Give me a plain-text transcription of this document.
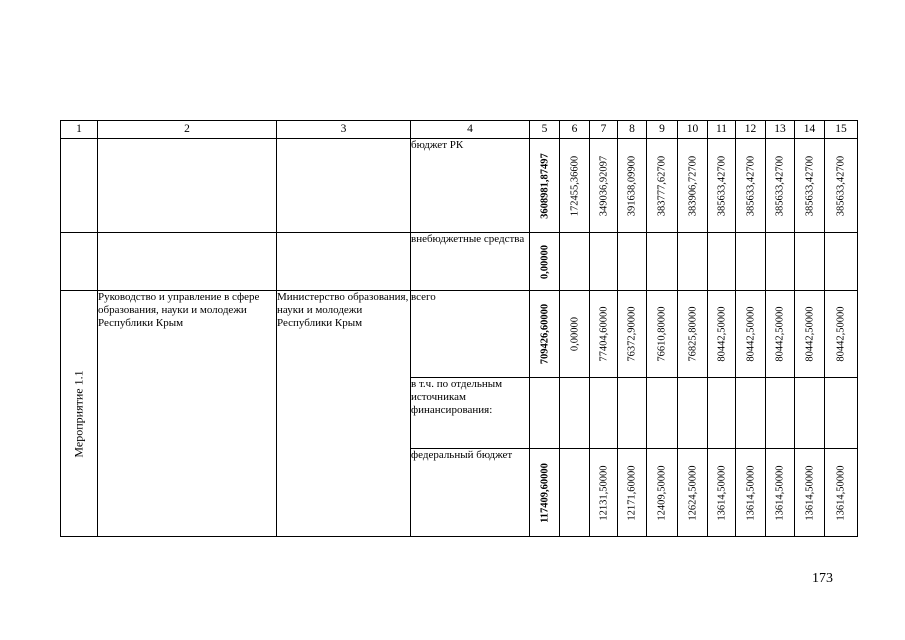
1	2	3	4	5	6	7	8	9	10	11	12	13	14	15
			бюджет РК	3608981,87497	172455,36600	349036,92097	391638,09900	383777,62700	383906,72700	385633,42700	385633,42700	385633,42700	385633,42700	385633,42700

			внебюджетные средства	0,00000										

Мероприятие 1.1	Руководство и управление в сфере образования, науки и молодежи Республики Крым	Министерство образования, науки и молодежи Республики Крым	всего	709426,60000	0,00000	77404,60000	76372,90000	76610,80000	76825,80000	80442,50000	80442,50000	80442,50000	80442,50000	80442,50000

			в т.ч. по отдельным источникам финансирования:	

			федеральный бюджет	117409,60000		12131,50000	12171,60000	12409,50000	12624,50000	13614,50000	13614,50000	13614,50000	13614,50000	13614,50000
173
